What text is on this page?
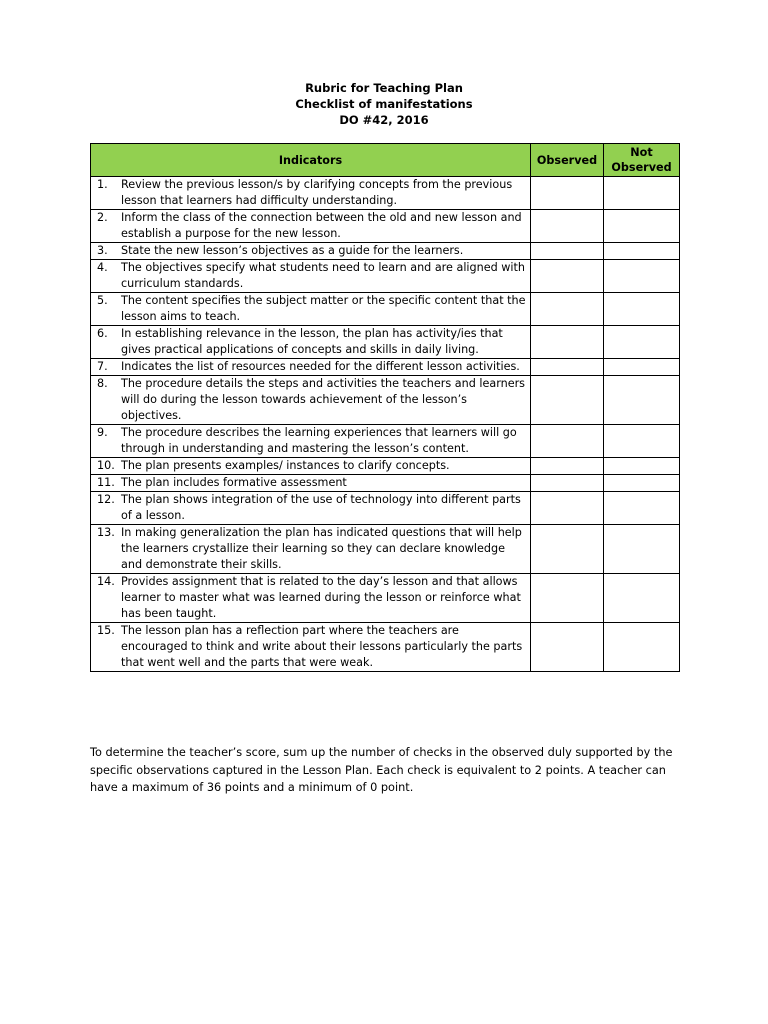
Rubric for Teaching Plan
Checklist of manifestations
DO #42, 2016
Indicators	Observed	Not Observed

1. Review the previous lesson/s by clarifying concepts from the previous lesson that learners had difficulty understanding.		

2. Inform the class of the connection between the old and new lesson and establish a purpose for the new lesson.		

3. State the new lesson’s objectives as a guide for the learners.		

4. The objectives specify what students need to learn and are aligned with curriculum standards.		

5. The content specifies the subject matter or the specific content that the lesson aims to teach.		

6. In establishing relevance in the lesson, the plan has activity/ies that gives practical applications of concepts and skills in daily living.		

7. Indicates the list of resources needed for the different lesson activities.		

8. The procedure details the steps and activities the teachers and learners will do during the lesson towards achievement of the lesson’s objectives.		

9. The procedure describes the learning experiences that learners will go through in understanding and mastering the lesson’s content.		

10. The plan presents examples/ instances to clarify concepts.		

11. The plan includes formative assessment		

12. The plan shows integration of the use of technology into different parts of a lesson.		

13. In making generalization the plan has indicated questions that will help the learners crystallize their learning so they can declare knowledge and demonstrate their skills.		

14. Provides assignment that is related to the day’s lesson and that allows learner to master what was learned during the lesson or reinforce what has been taught.		

15. The lesson plan has a reflection part where the teachers are encouraged to think and write about their lessons particularly the parts that went well and the parts that were weak.		

To determine the teacher’s score, sum up the number of checks in the observed duly supported by the specific observations captured in the Lesson Plan. Each check is equivalent to 2 points. A teacher can have a maximum of 36 points and a minimum of 0 point.
